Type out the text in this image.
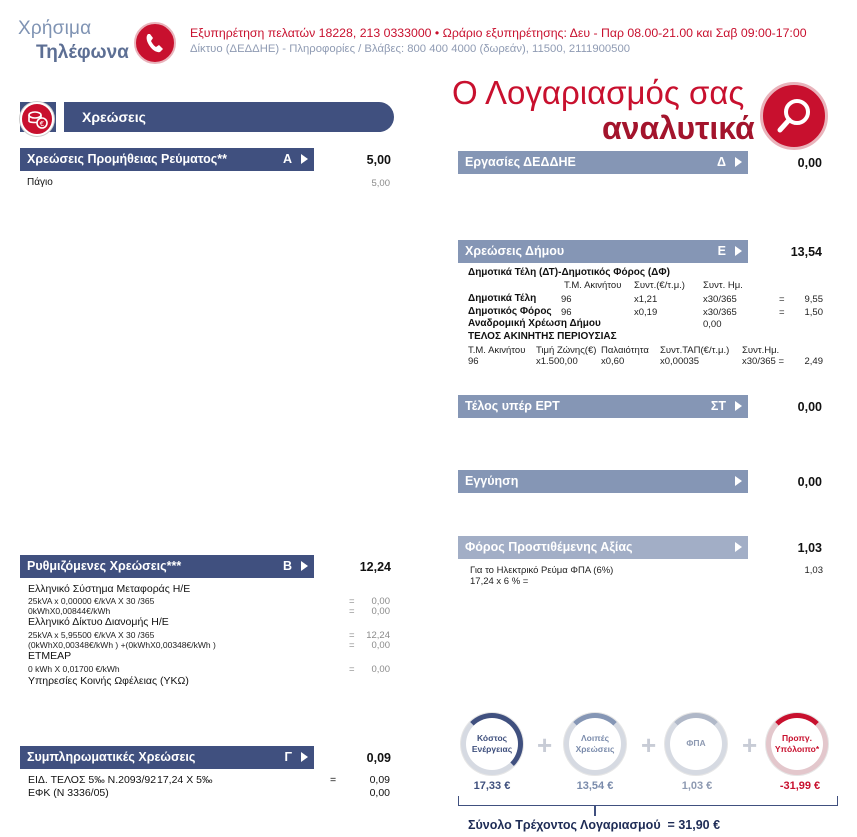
Χρήσιμα
Τηλέφωνα
Εξυπηρέτηση πελατών 18228, 213 0333000 • Ωράριο εξυπηρέτησης: Δευ - Παρ 08.00-21.00 και Σαβ 09:00-17:00
Δίκτυο (ΔΕΔΔΗΕ) - Πληροφορίες / Βλάβες: 800 400 4000 (δωρεάν), 11500, 2111900500
Χρεώσεις
€
Ο Λογαριασμός σας
αναλυτικά
Χρεώσεις Προμήθειας Ρεύματος**	Α	5,00
Πάγιο	5,00
Ρυθμιζόμενες Χρεώσεις***	Β	12,24
Ελληνικό Σύστημα Μεταφοράς Η/Ε
25kVA x 0,00000 €/kVA X 30 /365	=	0,00
0kWhX0,00844€/kWh	=	0,00
Ελληνικό Δίκτυο Διανομής Η/Ε
25kVA x 5,95500 €/kVA X 30 /365	=	12,24
(0kWhX0,00348€/kWh ) +(0kWhX0,00348€/kWh )	=	0,00
ΕΤΜΕΑΡ
0 kWh X 0,01700 €/kWh	=	0,00
Υπηρεσίες Κοινής Ωφέλειας (ΥΚΩ)
Συμπληρωματικές Χρεώσεις	Γ	0,09
ΕΙΔ. ΤΕΛΟΣ 5‰ Ν.2093/92 17,24 X 5‰	=	0,09
ΕΦΚ (Ν 3336/05)	0,00
Εργασίες ΔΕΔΔΗΕ	Δ	0,00
Χρεώσεις Δήμου	Ε	13,54
Δημοτικά Τέλη (ΔΤ)-Δημοτικός Φόρος (ΔΦ)
Τ.Μ. Ακινήτου Συντ.(€/τ.μ.) Συντ. Ημ.
Δημοτικά Τέλη	96	x1,21	x30/365	=	9,55
Δημοτικός Φόρος 96	x0,19	x30/365	=	1,50
Αναδρομική Χρέωση Δήμου	0,00
ΤΕΛΟΣ ΑΚΙΝΗΤΗΣ ΠΕΡΙΟΥΣΙΑΣ
Τ.Μ. Ακινήτου Τιμή Ζώνης(€) Παλαιότητα Συντ.ΤΑΠ(€/τ.μ.) Συντ.Ημ.
96	x1.500,00 x0,60	x0,00035	x30/365 =	2,49
Τέλος υπέρ ΕΡΤ	ΣΤ	0,00
Εγγύηση	0,00
Φόρος Προστιθέμενης Αξίας	1,03
Για το Ηλεκτρικό Ρεύμα ΦΠΑ (6%)	1,03
17,24 x 6 % =
Κόστος
Ενέργειας +	Λοιπές
Χρεώσεις +	ΦΠΑ	+	Προπγ.
Υπόλοιπο*
17,33 €	13,54 €	1,03 €	-31,99 €
Σύνολο Τρέχοντος Λογαριασμού  = 31,90 €
